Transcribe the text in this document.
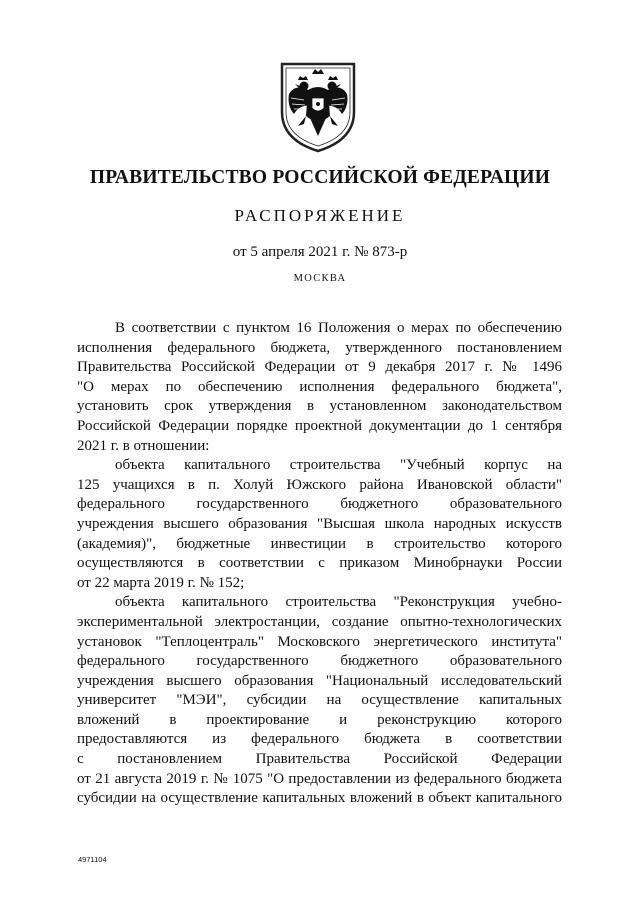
ПРАВИТЕЛЬСТВО РОССИЙСКОЙ ФЕДЕРАЦИИ
РАСПОРЯЖЕНИЕ
от 5 апреля 2021 г. № 873-р
МОСКВА
В соответствии с пунктом 16 Положения о мерах по обеспечению
исполнения федерального бюджета, утвержденного постановлением
Правительства Российской Федерации от 9 декабря 2017 г. № 1496
"О мерах по обеспечению исполнения федерального бюджета",
установить срок утверждения в установленном законодательством
Российской Федерации порядке проектной документации до 1 сентября
2021 г. в отношении:
объекта капитального строительства "Учебный корпус на
125 учащихся в п. Холуй Южского района Ивановской области"
федерального государственного бюджетного образовательного
учреждения высшего образования "Высшая школа народных искусств
(академия)", бюджетные инвестиции в строительство которого
осуществляются в соответствии с приказом Минобрнауки России
от 22 марта 2019 г. № 152;
объекта капитального строительства "Реконструкция учебно-
экспериментальной электростанции, создание опытно-технологических
установок "Теплоцентраль" Московского энергетического института"
федерального государственного бюджетного образовательного
учреждения высшего образования "Национальный исследовательский
университет "МЭИ", субсидии на осуществление капитальных
вложений в проектирование и реконструкцию которого
предоставляются из федерального бюджета в соответствии
с постановлением Правительства Российской Федерации
от 21 августа 2019 г. № 1075 "О предоставлении из федерального бюджета
субсидии на осуществление капитальных вложений в объект капитального
4971104
